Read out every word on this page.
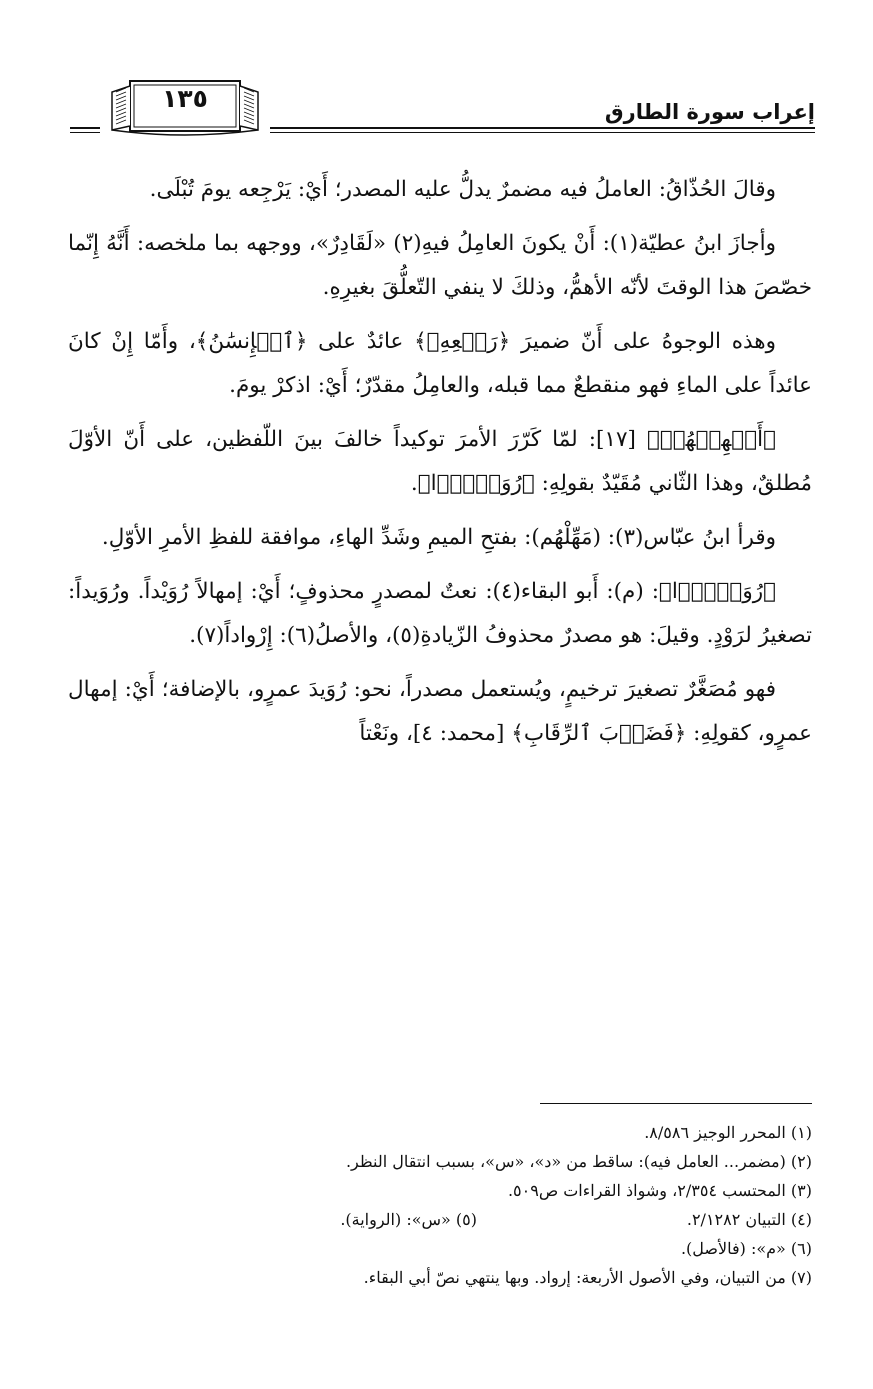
إعراب سورة الطارق
١٣٥

وقالَ الحُذّاقُ: العاملُ فيه مضمرٌ يدلُّ عليه المصدر؛ أَيْ: يَرْجِعه يومَ تُبْلَى.

وأجازَ ابنُ عطيّة(١): أَنْ يكونَ العامِلُ فيهِ(٢) «لَقَادِرٌ»، ووجهه بما ملخصه: أَنَّهُ إِنّما خصّصَ هذا الوقتَ لأنّه الأهمُّ، وذلكَ لا ينفي التّعلُّقَ بغيرِهِ.

وهذه الوجوهُ على أَنّ ضميرَ ﴿رَجۡعِهِۦ﴾ عائدٌ على ﴿ٱلۡإِنسَٰنُ﴾، وأَمّا إِنْ كانَ عائداً على الماءِ فهو منقطعٌ مما قبله، والعامِلُ مقدّرٌ؛ أَيْ: اذكرْ يومَ.

﴿أَمۡهِلۡهُمۡ﴾ [١٧]: لمّا كَرّرَ الأمرَ توكيداً خالفَ بينَ اللّفظين، على أَنّ الأوّلَ مُطلقٌ، وهذا الثّاني مُقَيّدٌ بقولِهِ: ﴿رُوَيۡدَۢا﴾.

وقرأ ابنُ عبّاس(٣): (مَهِّلْهُم): بفتحِ الميمِ وشَدِّ الهاءِ، موافقة للفظِ الأمرِ الأوّلِ.

﴿رُوَيۡدَۢا﴾: (م): أَبو البقاء(٤): نعتٌ لمصدرٍ محذوفٍ؛ أَيْ: إمهالاً رُوَيْداً. ورُوَيداً: تصغيرُ لرَوْدٍ. وقيلَ: هو مصدرٌ محذوفُ الزّيادةِ(٥)، والأصلُ(٦): إِرْواداً(٧).

فهو مُصَغَّرٌ تصغيرَ ترخيمٍ، ويُستعمل مصدراً، نحو: رُوَيدَ عمرٍو، بالإضافة؛ أَيْ: إمهال عمرٍو، كقولِهِ: ﴿فَضَرۡبَ ٱلرِّقَابِ﴾ [محمد: ٤]، ونَعْتاً

(١) المحرر الوجيز ٨/٥٨٦.
(٢) (مضمر... العامل فيه): ساقط من «د»، «س»، بسبب انتقال النظر.
(٣) المحتسب ٢/٣٥٤، وشواذ القراءات ص٥٠٩.
(٤) التبيان ٢/١٢٨٢.
(٥) «س»: (الرواية).
(٦) «م»: (فالأصل).
(٧) من التبيان، وفي الأصول الأربعة: إرواد. وبها ينتهي نصّ أبي البقاء.
